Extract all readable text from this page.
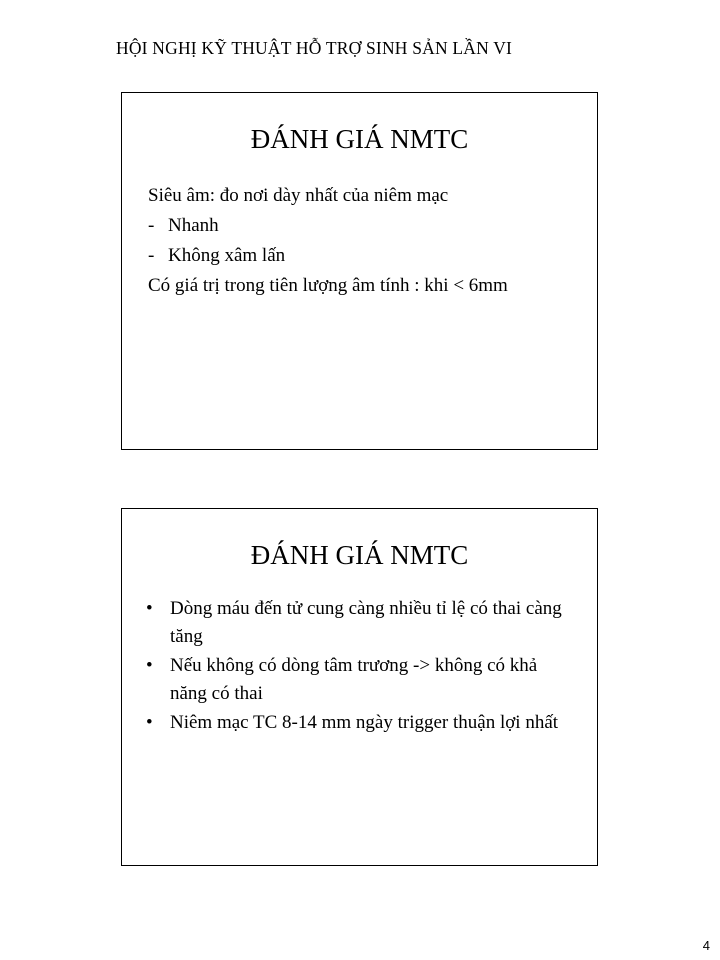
HỘI NGHỊ KỸ THUẬT HỖ TRỢ SINH SẢN LẦN VI
ĐÁNH GIÁ NMTC
Siêu âm: đo nơi dày nhất của niêm mạc
- Nhanh
- Không xâm lấn
Có giá trị trong tiên lượng âm tính : khi < 6mm
ĐÁNH GIÁ NMTC
• Dòng máu đến tử cung càng nhiều tỉ lệ có thai càng tăng
• Nếu không có dòng tâm trương -> không có khả năng có thai
• Niêm mạc TC 8-14 mm ngày trigger thuận lợi nhất
4
